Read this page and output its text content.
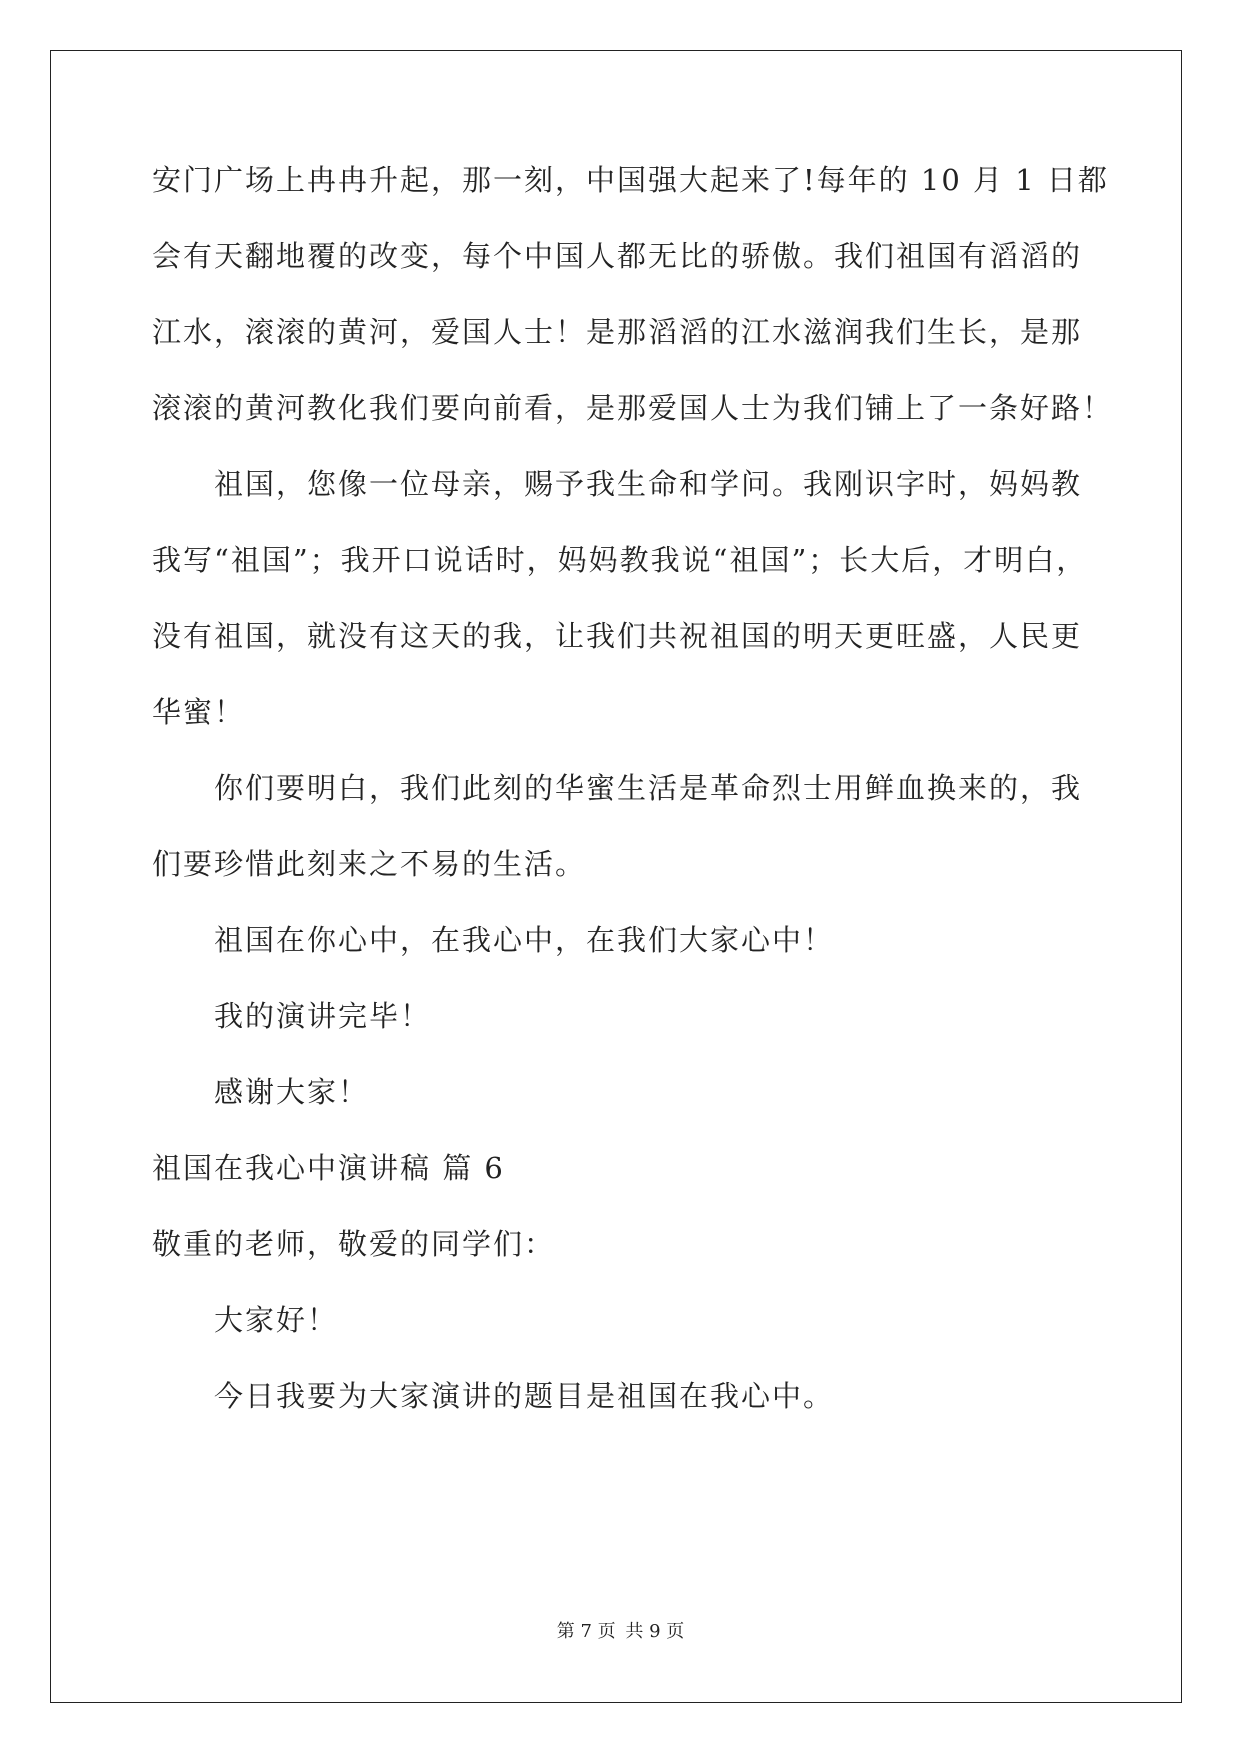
安门广场上冉冉升起，那一刻，中国强大起来了!每年的 10 月 1 日都
会有天翻地覆的改变，每个中国人都无比的骄傲。我们祖国有滔滔的
江水，滚滚的黄河，爱国人士！是那滔滔的江水滋润我们生长，是那
滚滚的黄河教化我们要向前看，是那爱国人士为我们铺上了一条好路！
祖国，您像一位母亲，赐予我生命和学问。我刚识字时，妈妈教
我写“祖国”；我开口说话时，妈妈教我说“祖国”；长大后，才明白，
没有祖国，就没有这天的我，让我们共祝祖国的明天更旺盛，人民更
华蜜！
你们要明白，我们此刻的华蜜生活是革命烈士用鲜血换来的，我
们要珍惜此刻来之不易的生活。
祖国在你心中，在我心中，在我们大家心中！
我的演讲完毕！
感谢大家！
祖国在我心中演讲稿 篇 6
敬重的老师，敬爱的同学们：
大家好！
今日我要为大家演讲的题目是祖国在我心中。
第 7 页 共 9 页
